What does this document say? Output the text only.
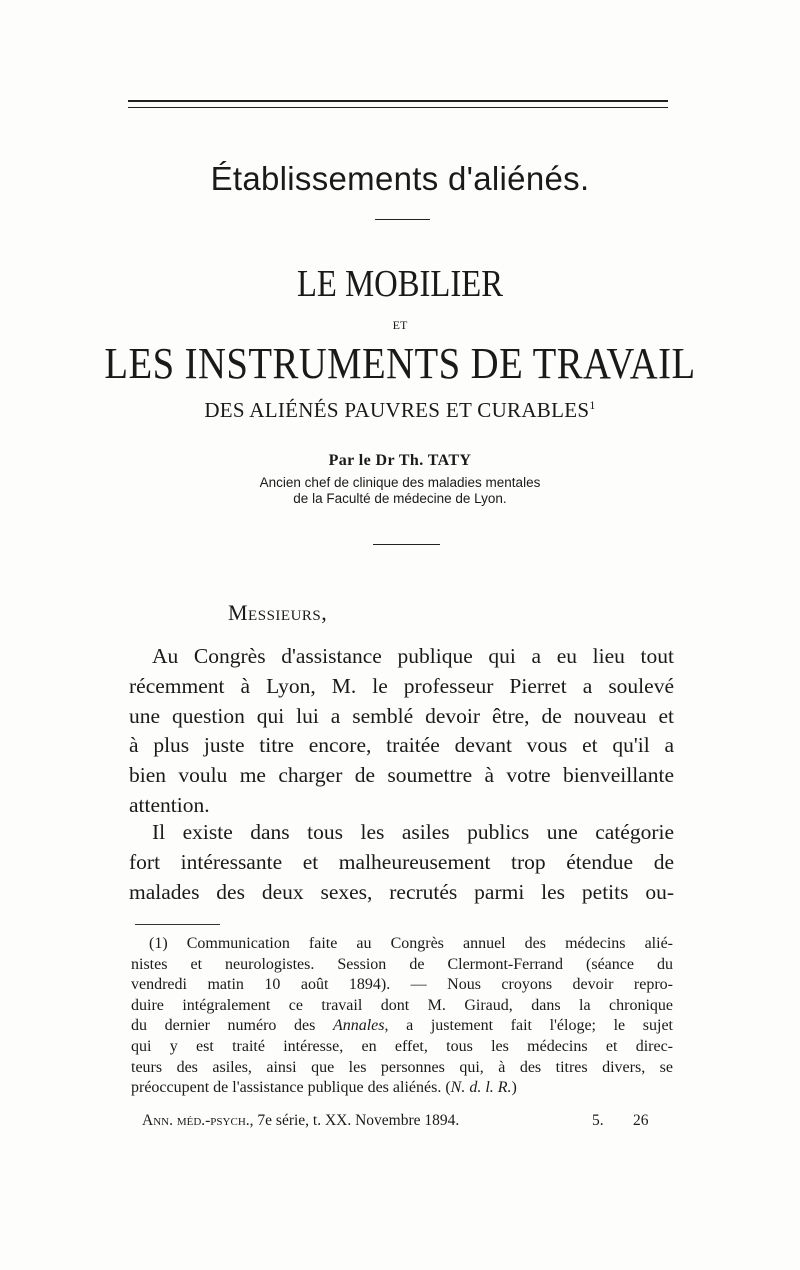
Établissements d'aliénés.
LE MOBILIER
ET
LES INSTRUMENTS DE TRAVAIL
DES ALIÉNÉS PAUVRES ET CURABLES$^1$
Par le Dr Th. TATY
Ancien chef de clinique des maladies mentales
de la Faculté de médecine de Lyon.
Messieurs,
Au Congrès d'assistance publique qui a eu lieu tout
récemment à Lyon, M. le professeur Pierret a soulevé
une question qui lui a semblé devoir être, de nouveau et
à plus juste titre encore, traitée devant vous et qu'il a
bien voulu me charger de soumettre à votre bienveillante
attention.
Il existe dans tous les asiles publics une catégorie
fort intéressante et malheureusement trop étendue de
malades des deux sexes, recrutés parmi les petits ou-
(1) Communication faite au Congrès annuel des médecins alié-
nistes et neurologistes. Session de Clermont-Ferrand (séance du
vendredi matin 10 août 1894). — Nous croyons devoir repro-
duire intégralement ce travail dont M. Giraud, dans la chronique
du dernier numéro des Annales, a justement fait l'éloge; le sujet
qui y est traité intéresse, en effet, tous les médecins et direc-
teurs des asiles, ainsi que les personnes qui, à des titres divers, se
préoccupent de l'assistance publique des aliénés. (N. d. l. R.)
Ann. méd.-psych., 7e série, t. XX. Novembre 1894.	5. 26
